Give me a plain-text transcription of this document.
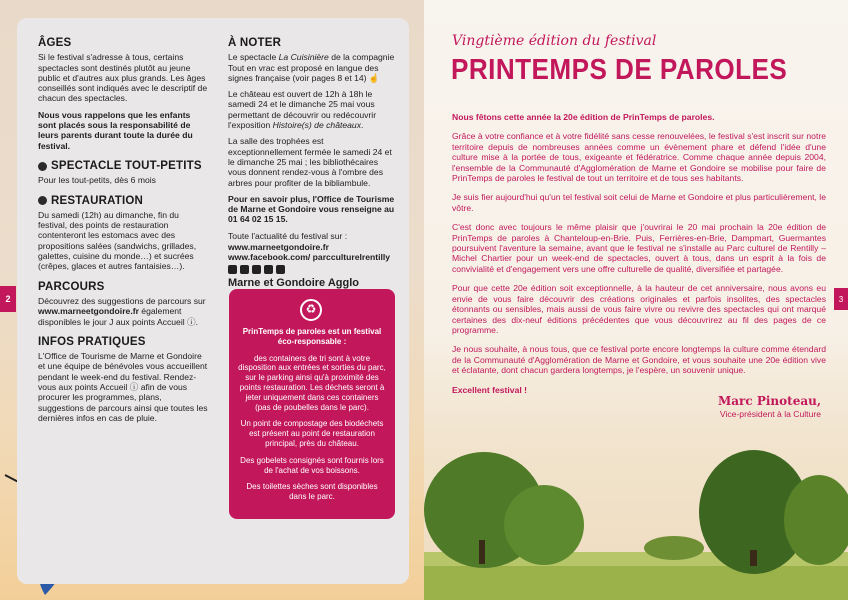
2
ÂGES

Si le festival s'adresse à tous, certains spectacles sont destinés plutôt au jeune public et d'autres aux plus grands. Les âges conseillés sont indiqués avec le descriptif de chacun des spectacles.

Nous vous rappelons que les enfants sont placés sous la responsabilité de leurs parents durant toute la durée du festival.

SPECTACLE TOUT-PETITS

Pour les tout-petits, dès 6 mois

RESTAURATION

Du samedi (12h) au dimanche, fin du festival, des points de restauration contenteront les estomacs avec des propositions salées (sandwichs, grillades, galettes, cuisine du monde…) et sucrées (crêpes, glaces et autres fantaisies…).

PARCOURS

Découvrez des suggestions de parcours sur www.marneetgondoire.fr également disponibles le jour J aux points Accueil ⓘ.

INFOS PRATIQUES

L'Office de Tourisme de Marne et Gondoire et une équipe de bénévoles vous accueillent pendant le week-end du festival. Rendez-vous aux points Accueil ⓘ afin de vous procurer les programmes, plans, suggestions de parcours ainsi que toutes les dernières infos en cas de pluie.

À NOTER

Le spectacle La Cuisinière de la compagnie Tout en vrac est proposé en langue des signes française (voir pages 8 et 14) ☝

Le château est ouvert de 12h à 18h le samedi 24 et le dimanche 25 mai vous permettant de découvrir ou redécouvrir l'exposition Histoire(s) de châteaux.

La salle des trophées est exceptionnellement fermée le samedi 24 et le dimanche 25 mai ; les bibliothécaires vous donnent rendez-vous à l'ombre des arbres pour profiter de la bibliambule.

Pour en savoir plus, l'Office de Tourisme de Marne et Gondoire vous renseigne au 01 64 02 15 15.

Toute l'actualité du festival sur :

www.marneetgondoire.fr
www.facebook.com/ parcculturelrentilly
Marne et Gondoire Agglo
♻

PrinTemps de paroles est un festival éco-responsable :

des containers de tri sont à votre disposition aux entrées et sorties du parc, sur le parking ainsi qu'à proximité des points restauration. Les déchets seront à jeter uniquement dans ces containers (pas de poubelles dans le parc).

Un point de compostage des biodéchets est présent au point de restauration principal, près du château.

Des gobelets consignés sont fournis lors de l'achat de vos boissons.

Des toilettes sèches sont disponibles dans le parc.

3
Vingtième édition du festival
PRINTEMPS DE PAROLES

Nous fêtons cette année la 20e édition de PrinTemps de paroles.

Grâce à votre confiance et à votre fidélité sans cesse renouvelées, le festival s'est inscrit sur notre territoire depuis de nombreuses années comme un évènement phare et défend l'idée d'une culture mise à la portée de tous, exigeante et fédératrice. Comme chaque année depuis 2004, l'ensemble de la Communauté d'Agglomération de Marne et Gondoire se mobilise pour faire de PrinTemps de paroles le festival de tout un territoire et de tous ses habitants.

Je suis fier aujourd'hui qu'un tel festival soit celui de Marne et Gondoire et plus particulièrement, le vôtre.

C'est donc avec toujours le même plaisir que j'ouvrirai le 20 mai prochain la 20e édition de PrinTemps de paroles à Chanteloup-en-Brie. Puis, Ferrières-en-Brie, Dampmart, Guermantes poursuivent l'aventure la semaine, avant que le festival ne s'installe au Parc culturel de Rentilly – Michel Chartier pour un week-end de spectacles, ouvert à tous, dans un esprit à la fois de convivialité et d'engagement vers une offre culturelle de qualité, diversifiée et partagée.

Pour que cette 20e édition soit exceptionnelle, à la hauteur de cet anniversaire, nous avons eu envie de vous faire découvrir des créations originales et parfois insolites, des spectacles étonnants ou sensibles, mais aussi de vous faire vivre ou revivre des spectacles qui ont marqué certaines des dix-neuf éditions précédentes que vous découvrirez au fil des pages de ce programme.

Je nous souhaite, à nous tous, que ce festival porte encore longtemps la culture comme étendard de la Communauté d'Agglomération de Marne et Gondoire, et vous souhaite une 20e édition vive et éclatante, dont chacun gardera longtemps, je l'espère, un souvenir unique.

Excellent festival !

Marc Pinoteau,
Vice-président à la Culture
